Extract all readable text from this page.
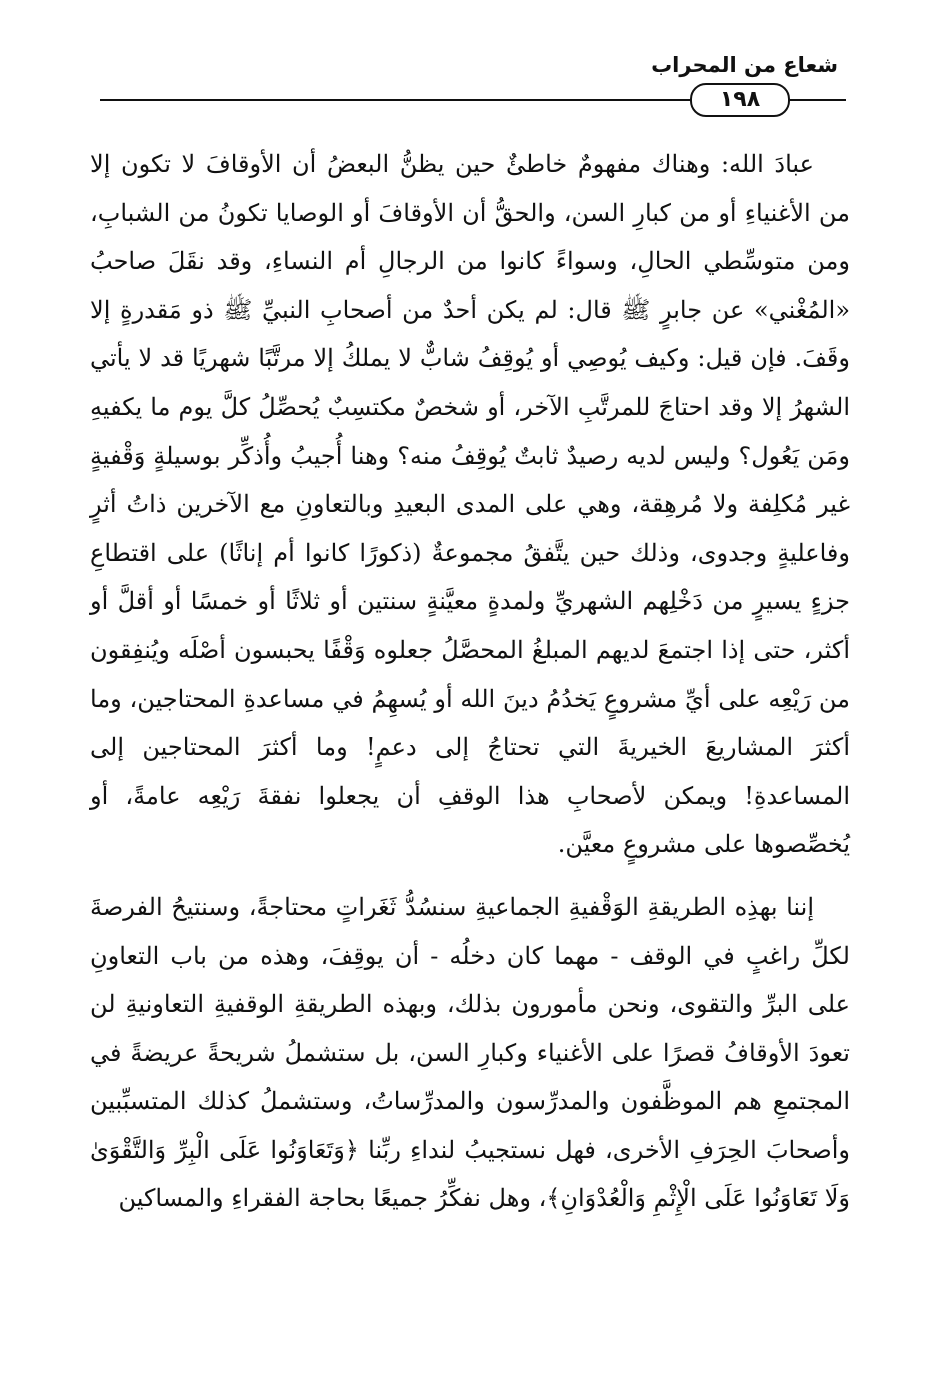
شعاع من المحراب
١٩٨

عبادَ الله: وهناك مفهومٌ خاطئٌ حين يظنُّ البعضُ أن الأوقافَ لا تكون إلا من الأغنياءِ أو من كبارِ السن، والحقُّ أن الأوقافَ أو الوصايا تكونُ من الشبابِ، ومن متوسِّطي الحالِ، وسواءً كانوا من الرجالِ أم النساءِ، وقد نقَلَ صاحبُ «المُغْني» عن جابرٍ ﷺ قال: لم يكن أحدٌ من أصحابِ النبيِّ ﷺ ذو مَقدرةٍ إلا وقَفَ. فإن قيل: وكيف يُوصِي أو يُوقِفُ شابٌّ لا يملكُ إلا مرتَّبًا شهريًا قد لا يأتي الشهرُ إلا وقد احتاجَ للمرتَّبِ الآخر، أو شخصٌ مكتسِبٌ يُحصِّلُ كلَّ يوم ما يكفيهِ ومَن يَعُول؟ وليس لديه رصيدٌ ثابتٌ يُوقِفُ منه؟ وهنا أُجيبُ وأُذكِّر بوسيلةٍ وَقْفيةٍ غير مُكلِفة ولا مُرهِقة، وهي على المدى البعيدِ وبالتعاونِ مع الآخرين ذاتُ أثرٍ وفاعليةٍ وجدوى، وذلك حين يتَّفقُ مجموعةٌ (ذكورًا كانوا أم إناثًا) على اقتطاعِ جزءٍ يسيرٍ من دَخْلِهم الشهريِّ ولمدةٍ معيَّنةٍ سنتين أو ثلاثًا أو خمسًا أو أقلَّ أو أكثر، حتى إذا اجتمعَ لديهم المبلغُ المحصَّلُ جعلوه وَقْفًا يحبسون أصْلَه ويُنفِقون من رَيْعِه على أيِّ مشروعٍ يَخدُمُ دينَ الله أو يُسهِمُ في مساعدةِ المحتاجين، وما أكثرَ المشاريعَ الخيريةَ التي تحتاجُ إلى دعمٍ! وما أكثرَ المحتاجين إلى المساعدةِ! ويمكن لأصحابِ هذا الوقفِ أن يجعلوا نفقةَ رَيْعِه عامةً، أو يُخصِّصوها على مشروعٍ معيَّن.

إننا بهذِه الطريقةِ الوَقْفيةِ الجماعيةِ سنسُدُّ ثَغَراتٍ محتاجةً، وسنتيحُ الفرصةَ لكلِّ راغبٍ في الوقف - مهما كان دخلُه - أن يوقِفَ، وهذه من باب التعاونِ على البرِّ والتقوى، ونحن مأمورون بذلك، وبهذه الطريقةِ الوقفيةِ التعاونيةِ لن تعودَ الأوقافُ قصرًا على الأغنياء وكبارِ السن، بل ستشملُ شريحةً عريضةً في المجتمعِ هم الموظَّفون والمدرِّسون والمدرِّساتُ، وستشملُ كذلك المتسبِّبين وأصحابَ الحِرَفِ الأخرى، فهل نستجيبُ لنداءِ ربِّنا ﴿وَتَعَاوَنُوا عَلَى الْبِرِّ وَالتَّقْوَىٰ وَلَا تَعَاوَنُوا عَلَى الْإِثْمِ وَالْعُدْوَانِ﴾، وهل نفكِّرُ جميعًا بحاجة الفقراءِ والمساكين
